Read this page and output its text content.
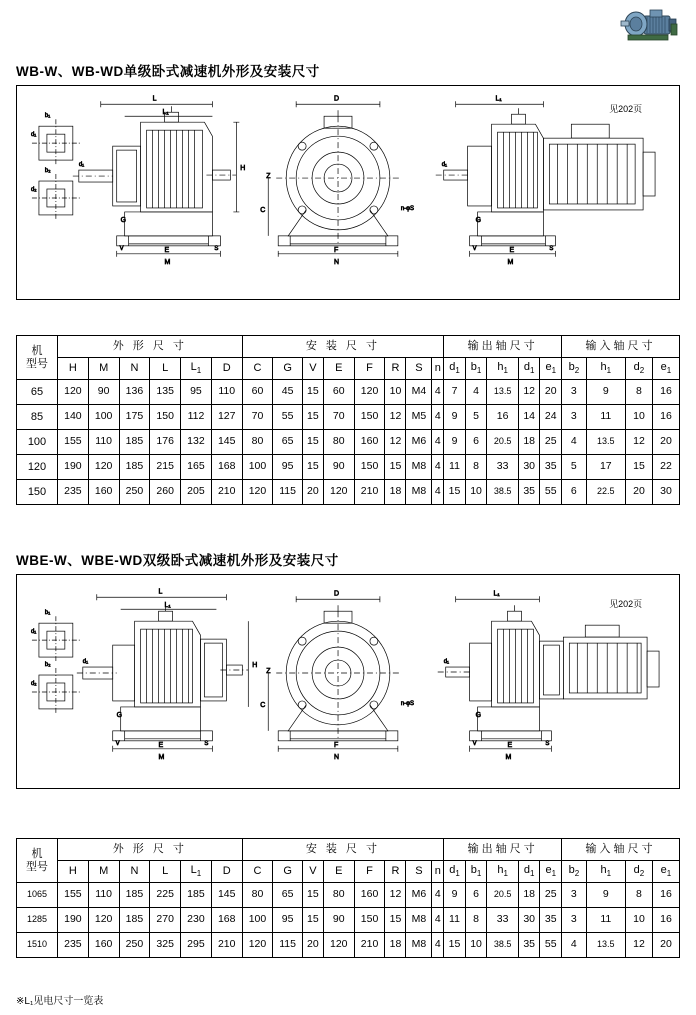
WB-W、WB-WD单级卧式减速机外形及安装尺寸
b₁
d₁
b₂
d₂
L
L₁
M
E
V	S
G
H
d₁
D
N
F
Z
C	n-φS
L₁
M
E
V	S
G
d₁
见202页
机
型号	外 形 尺 寸						安 装 尺 寸								输出轴尺寸					输入轴尺寸			
	H	M	N	L	$L_1$	D	C	G	V	E	F	R	S	n	$d_1$	$b_1$	$h_1$	$d_1$	$e_1$	$b_2$	$h_1$	$d_2$	$e_1$
65	120	90	136	135	95	110	60	45	15	60	120	10	M4	4	7	4	13.5	12	20	3	9	8	16
85	140	100	175	150	112	127	70	55	15	70	150	12	M5	4	9	5	16	14	24	3	11	10	16
100	155	110	185	176	132	145	80	65	15	80	160	12	M6	4	9	6	20.5	18	25	4	13.5	12	20
120	190	120	185	215	165	168	100	95	15	90	150	15	M8	4	11	8	33	30	35	5	17	15	22
150	235	160	250	260	205	210	120	115	20	120	210	18	M8	4	15	10	38.5	35	55	6	22.5	20	30
WBE-W、WBE-WD双级卧式减速机外形及安装尺寸
b₁
d₁
b₂
d₂
L
L₁
M
E
V	S
G
H
d₁
D
N
F
Z
C	n-φS
L₁
M
E
V	S
G
d₁
见202页
机
型号	外 形 尺 寸						安 装 尺 寸								输出轴尺寸					输入轴尺寸			
	H	M	N	L	$L_1$	D	C	G	V	E	F	R	S	n	$d_1$	$b_1$	$h_1$	$d_1$	$e_1$	$b_2$	$h_1$	$d_2$	$e_1$
1065	155	110	185	225	185	145	80	65	15	80	160	12	M6	4	9	6	20.5	18	25	3	9	8	16
1285	190	120	185	270	230	168	100	95	15	90	150	15	M8	4	11	8	33	30	35	3	11	10	16
1510	235	160	250	325	295	210	120	115	20	120	210	18	M8	4	15	10	38.5	35	55	4	13.5	12	20
※L₁见电尺寸一览表
